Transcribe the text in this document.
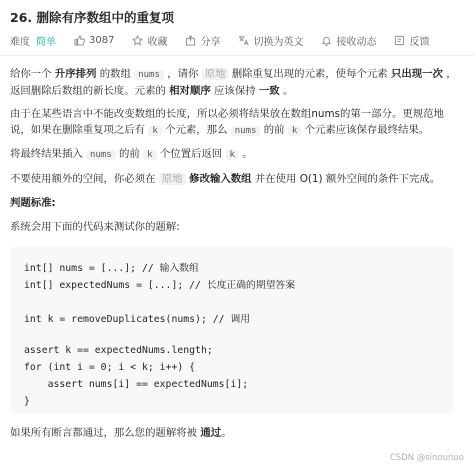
26. 删除有序数组中的重复项
难度 简单	3087	收藏	分享	切换为英文	接收动态	反馈

给你一个 升序排列 的数组 nums ，请你 原地 删除重复出现的元素，使每个元素 只出现一次 ，返回删除后数组的新长度。元素的 相对顺序 应该保持 一致 。

由于在某些语言中不能改变数组的长度，所以必须将结果放在数组nums的第一部分。更规范地说，如果在删除重复项之后有 k 个元素，那么 nums 的前 k 个元素应该保存最终结果。

将最终结果插入 nums 的前 k 个位置后返回 k 。

不要使用额外的空间，你必须在 原地 修改输入数组 并在使用 O(1) 额外空间的条件下完成。

判题标准:

系统会用下面的代码来测试你的题解:

int[] nums = [...]; // 输入数组
int[] expectedNums = [...]; // 长度正确的期望答案
int k = removeDuplicates(nums); // 调用
assert k == expectedNums.length;
for (int i = 0; i < k; i++) {
assert nums[i] == expectedNums[i];
}
如果所有断言都通过，那么您的题解将被 通过。
CSDN @sinounuo
